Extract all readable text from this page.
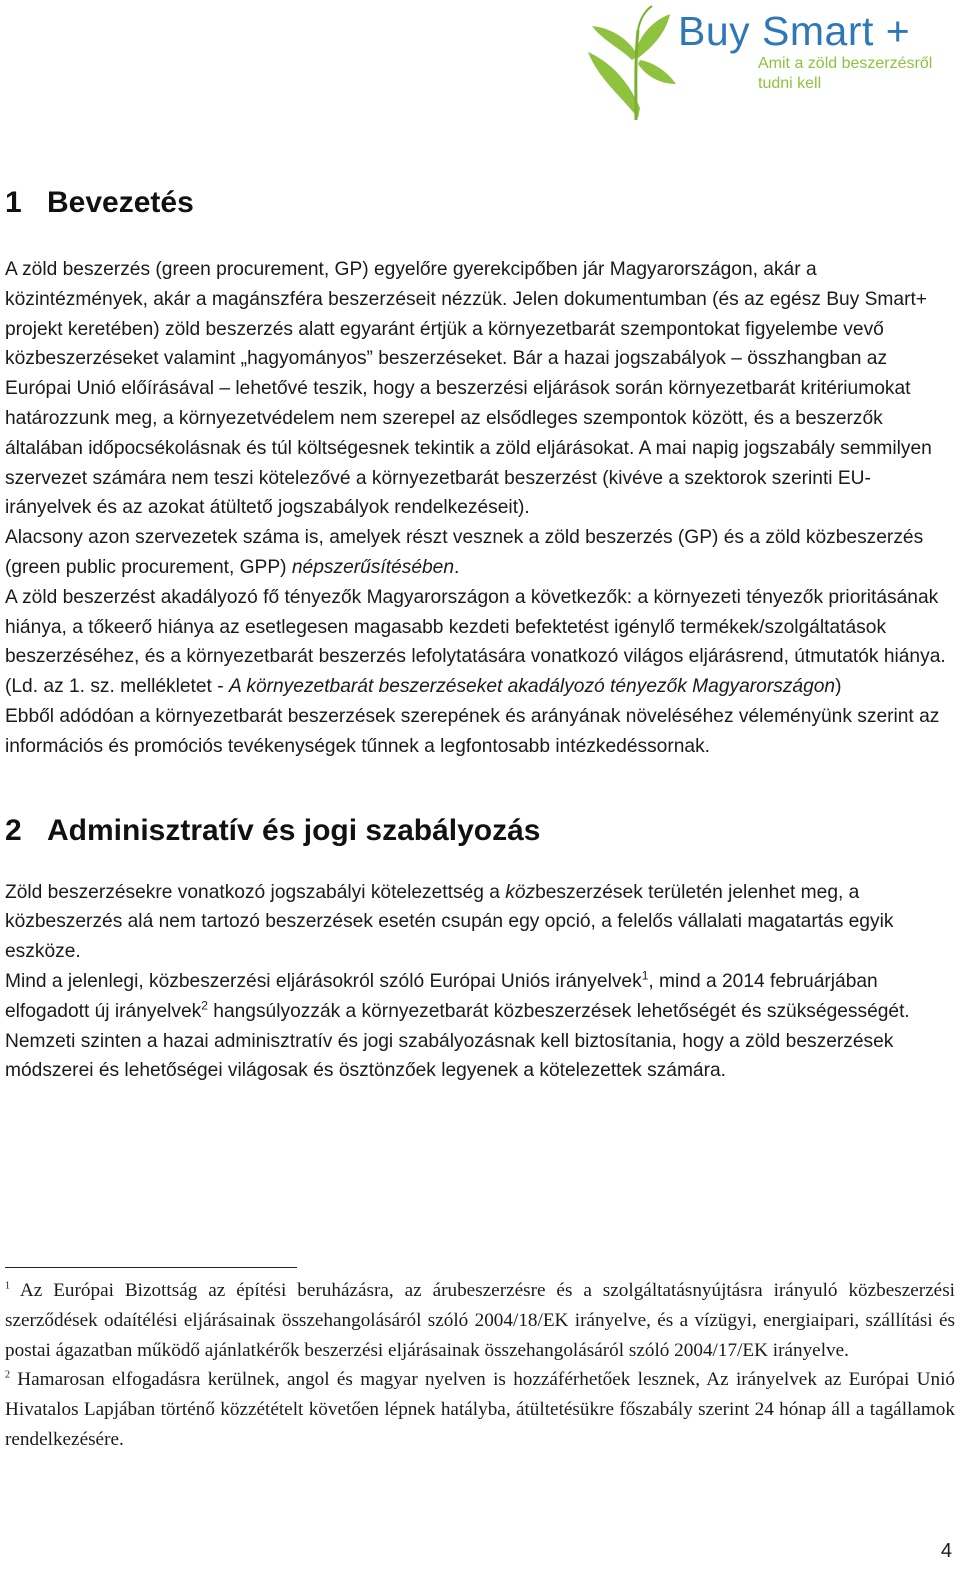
Buy Smart +
Amit a zöld beszerzésről
tudni kell
1 Bevezetés

A zöld beszerzés (green procurement, GP) egyelőre gyerekcipőben jár Magyarországon, akár a közintézmények, akár a magánszféra beszerzéseit nézzük. Jelen dokumentumban (és az egész Buy Smart+ projekt keretében) zöld beszerzés alatt egyaránt értjük a környezetbarát szempontokat figyelembe vevő közbeszerzéseket valamint „hagyományos” beszerzéseket. Bár a hazai jogszabályok – összhangban az Európai Unió előírásával – lehetővé teszik, hogy a beszerzési eljárások során környezetbarát kritériumokat határozzunk meg, a környezetvédelem nem szerepel az elsődleges szempontok között, és a beszerzők általában időpocsékolásnak és túl költségesnek tekintik a zöld eljárásokat. A mai napig jogszabály semmilyen szervezet számára nem teszi kötelezővé a környezetbarát beszerzést (kivéve a szektorok szerinti EU-irányelvek és az azokat átültető jogszabályok rendelkezéseit).

Alacsony azon szervezetek száma is, amelyek részt vesznek a zöld beszerzés (GP) és a zöld közbeszerzés (green public procurement, GPP) népszerűsítésében.

A zöld beszerzést akadályozó fő tényezők Magyarországon a következők: a környezeti tényezők prioritásának hiánya, a tőkeerő hiánya az esetlegesen magasabb kezdeti befektetést igénylő termékek/szolgáltatások beszerzéséhez, és a környezetbarát beszerzés lefolytatására vonatkozó világos eljárásrend, útmutatók hiánya. (Ld. az 1. sz. mellékletet - A környezetbarát beszerzéseket akadályozó tényezők Magyarországon)

Ebből adódóan a környezetbarát beszerzések szerepének és arányának növeléséhez véleményünk szerint az információs és promóciós tevékenységek tűnnek a legfontosabb intézkedéssornak.

2 Adminisztratív és jogi szabályozás

Zöld beszerzésekre vonatkozó jogszabályi kötelezettség a közbeszerzések területén jelenhet meg, a közbeszerzés alá nem tartozó beszerzések esetén csupán egy opció, a felelős vállalati magatartás egyik eszköze.

Mind a jelenlegi, közbeszerzési eljárásokról szóló Európai Uniós irányelvek$^1$, mind a 2014 februárjában elfogadott új irányelvek$^2$ hangsúlyozzák a környezetbarát közbeszerzések lehetőségét és szükségességét. Nemzeti szinten a hazai adminisztratív és jogi szabályozásnak kell biztosítania, hogy a zöld beszerzések módszerei és lehetőségei világosak és ösztönzőek legyenek a kötelezettek számára.

$^1$ Az Európai Bizottság az építési beruházásra, az árubeszerzésre és a szolgáltatásnyújtásra irányuló közbeszerzési szerződések odaítélési eljárásainak összehangolásáról szóló 2004/18/EK irányelve, és a vízügyi, energiaipari, szállítási és postai ágazatban működő ajánlatkérők beszerzési eljárásainak összehangolásáról szóló 2004/17/EK irányelve.

$^2$ Hamarosan elfogadásra kerülnek, angol és magyar nyelven is hozzáférhetőek lesznek, Az irányelvek az Európai Unió Hivatalos Lapjában történő közzétételt követően lépnek hatályba, átültetésükre főszabály szerint 24 hónap áll a tagállamok rendelkezésére.

4
